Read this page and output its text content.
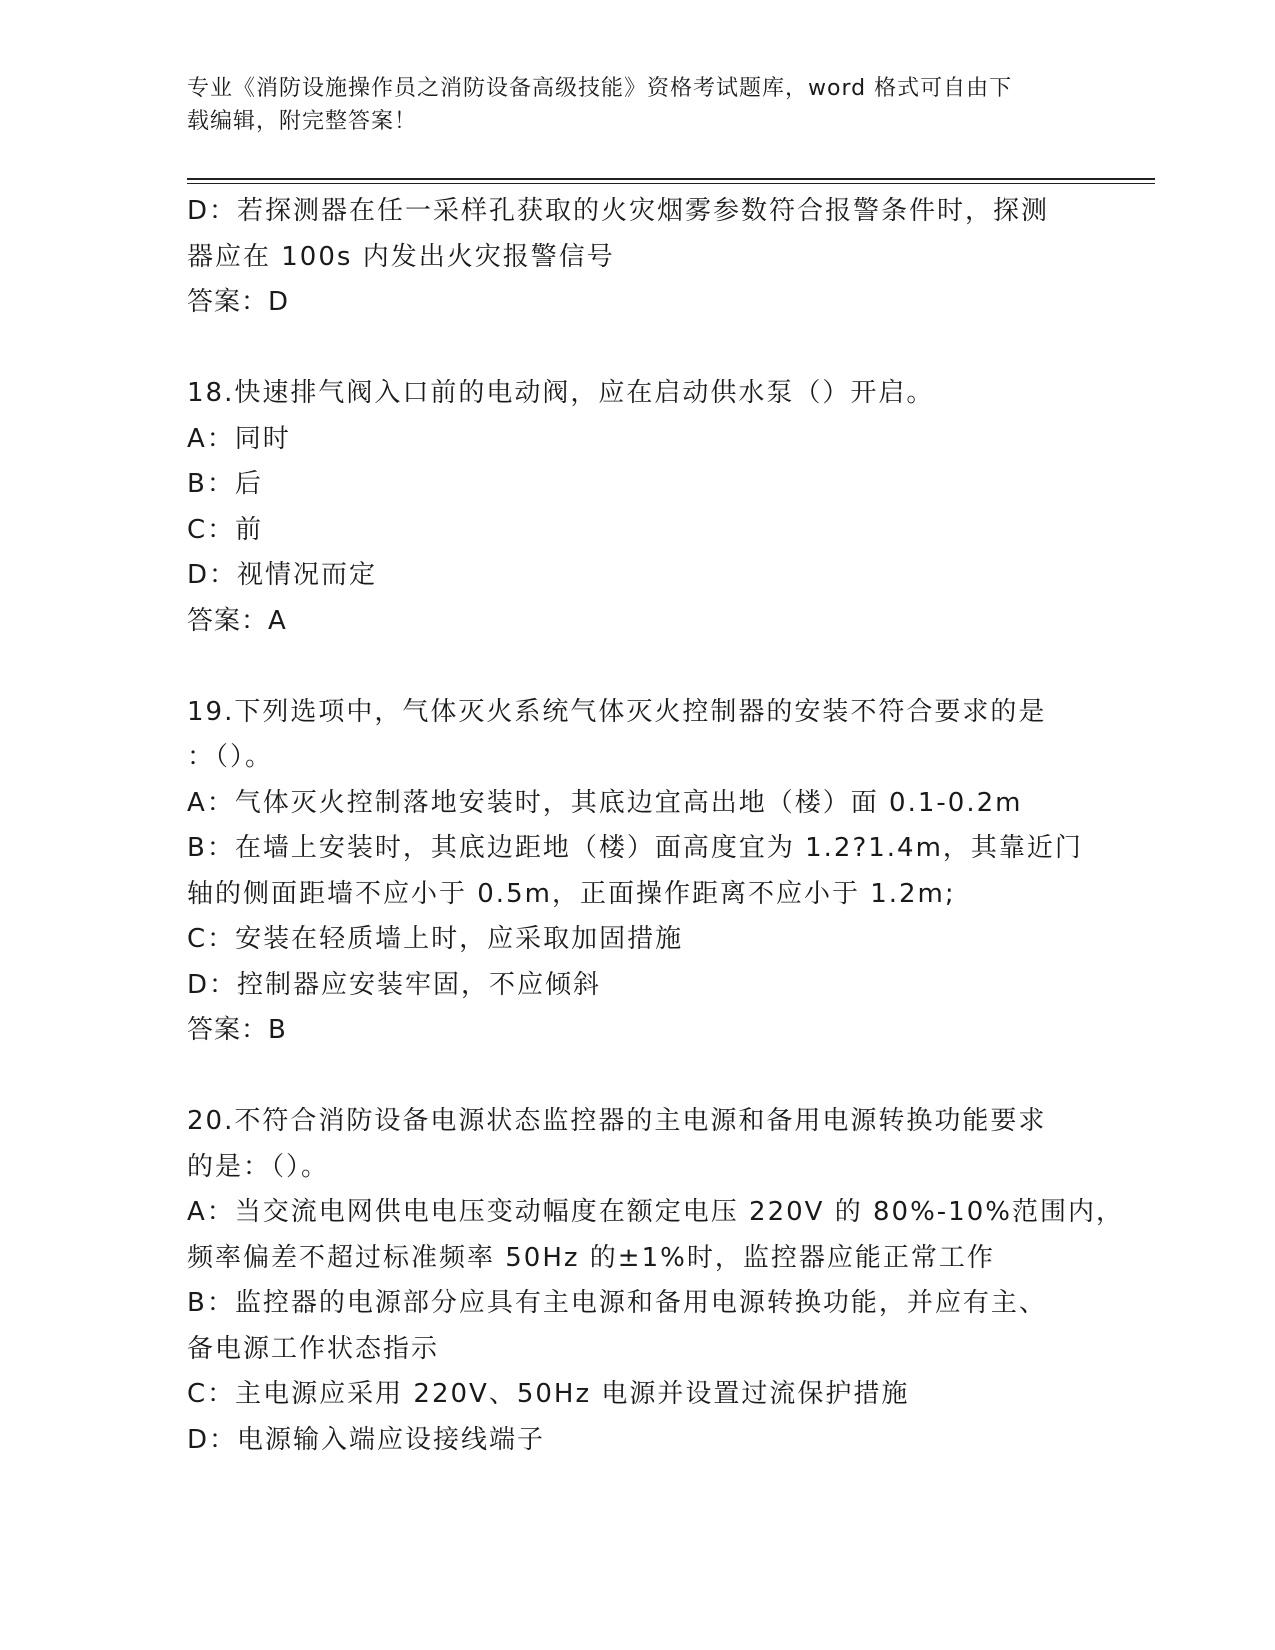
专业《消防设施操作员之消防设备高级技能》资格考试题库，word 格式可自由下
载编辑，附完整答案！
D：若探测器在任一采样孔获取的火灾烟雾参数符合报警条件时，探测
器应在 100s 内发出火灾报警信号
答案：D
18.快速排气阀入口前的电动阀，应在启动供水泵（）开启。
A：同时
B：后
C：前
D：视情况而定
答案：A
19.下列选项中，气体灭火系统气体灭火控制器的安装不符合要求的是
：（）。
A：气体灭火控制落地安装时，其底边宜高出地（楼）面 0.1-0.2m
B：在墙上安装时，其底边距地（楼）面高度宜为 1.2?1.4m，其靠近门
轴的侧面距墙不应小于 0.5m，正面操作距离不应小于 1.2m;
C：安装在轻质墙上时，应采取加固措施
D：控制器应安装牢固，不应倾斜
答案：B
20.不符合消防设备电源状态监控器的主电源和备用电源转换功能要求
的是：（）。
A：当交流电网供电电压变动幅度在额定电压 220V 的 80%-10%范围内，
频率偏差不超过标准频率 50Hz 的±1%时，监控器应能正常工作
B：监控器的电源部分应具有主电源和备用电源转换功能，并应有主、
备电源工作状态指示
C：主电源应采用 220V、50Hz 电源并设置过流保护措施
D：电源输入端应设接线端子
